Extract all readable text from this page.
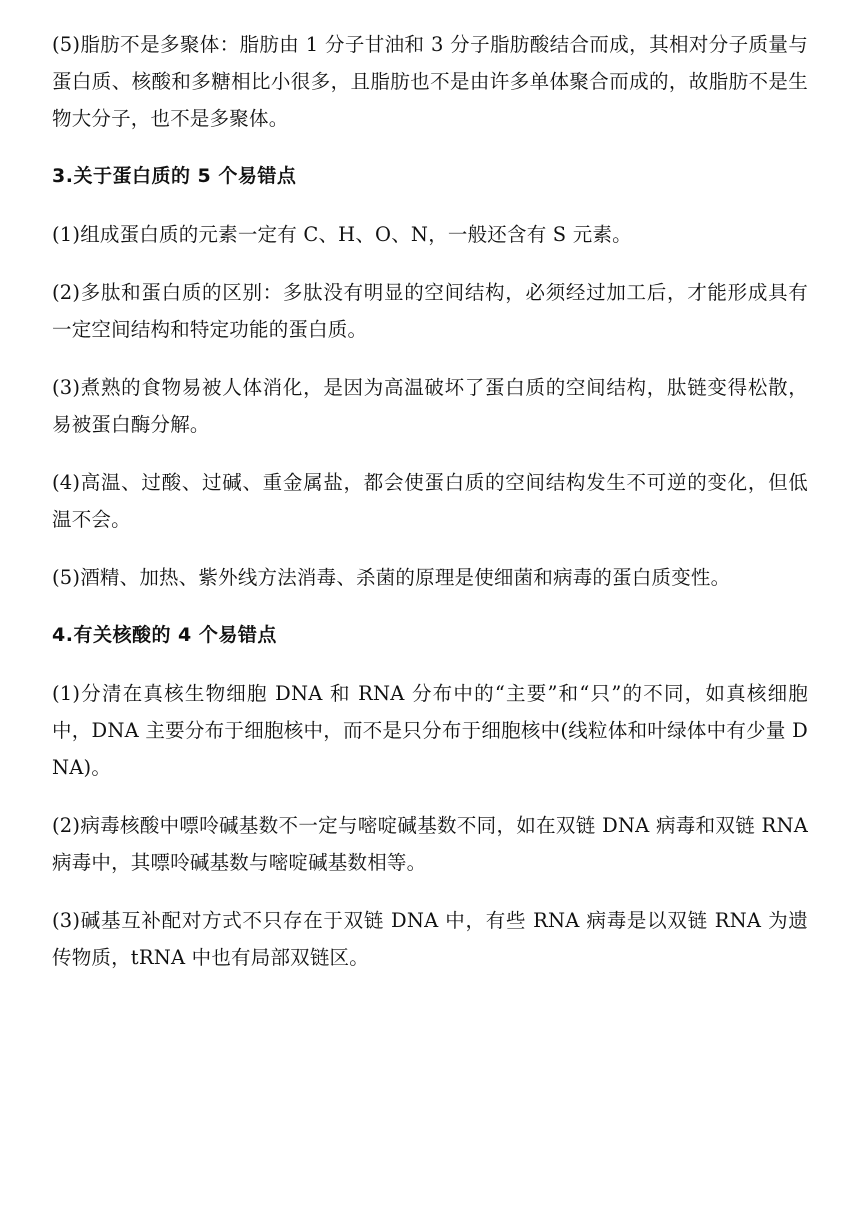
(5)脂肪不是多聚体：脂肪由 1 分子甘油和 3 分子脂肪酸结合而成，其相对分子质量与蛋白质、核酸和多糖相比小很多，且脂肪也不是由许多单体聚合而成的，故脂肪不是生物大分子，也不是多聚体。

3.关于蛋白质的 5 个易错点

(1)组成蛋白质的元素一定有 C、H、O、N，一般还含有 S 元素。

(2)多肽和蛋白质的区别：多肽没有明显的空间结构，必须经过加工后，才能形成具有一定空间结构和特定功能的蛋白质。

(3)煮熟的食物易被人体消化，是因为高温破坏了蛋白质的空间结构，肽链变得松散，易被蛋白酶分解。

(4)高温、过酸、过碱、重金属盐，都会使蛋白质的空间结构发生不可逆的变化，但低温不会。

(5)酒精、加热、紫外线方法消毒、杀菌的原理是使细菌和病毒的蛋白质变性。

4.有关核酸的 4 个易错点

(1)分清在真核生物细胞 DNA 和 RNA 分布中的“主要”和“只”的不同，如真核细胞中，DNA 主要分布于细胞核中，而不是只分布于细胞核中(线粒体和叶绿体中有少量 DNA)。

(2)病毒核酸中嘌呤碱基数不一定与嘧啶碱基数不同，如在双链 DNA 病毒和双链 RNA 病毒中，其嘌呤碱基数与嘧啶碱基数相等。

(3)碱基互补配对方式不只存在于双链 DNA 中，有些 RNA 病毒是以双链 RNA 为遗传物质，tRNA 中也有局部双链区。
